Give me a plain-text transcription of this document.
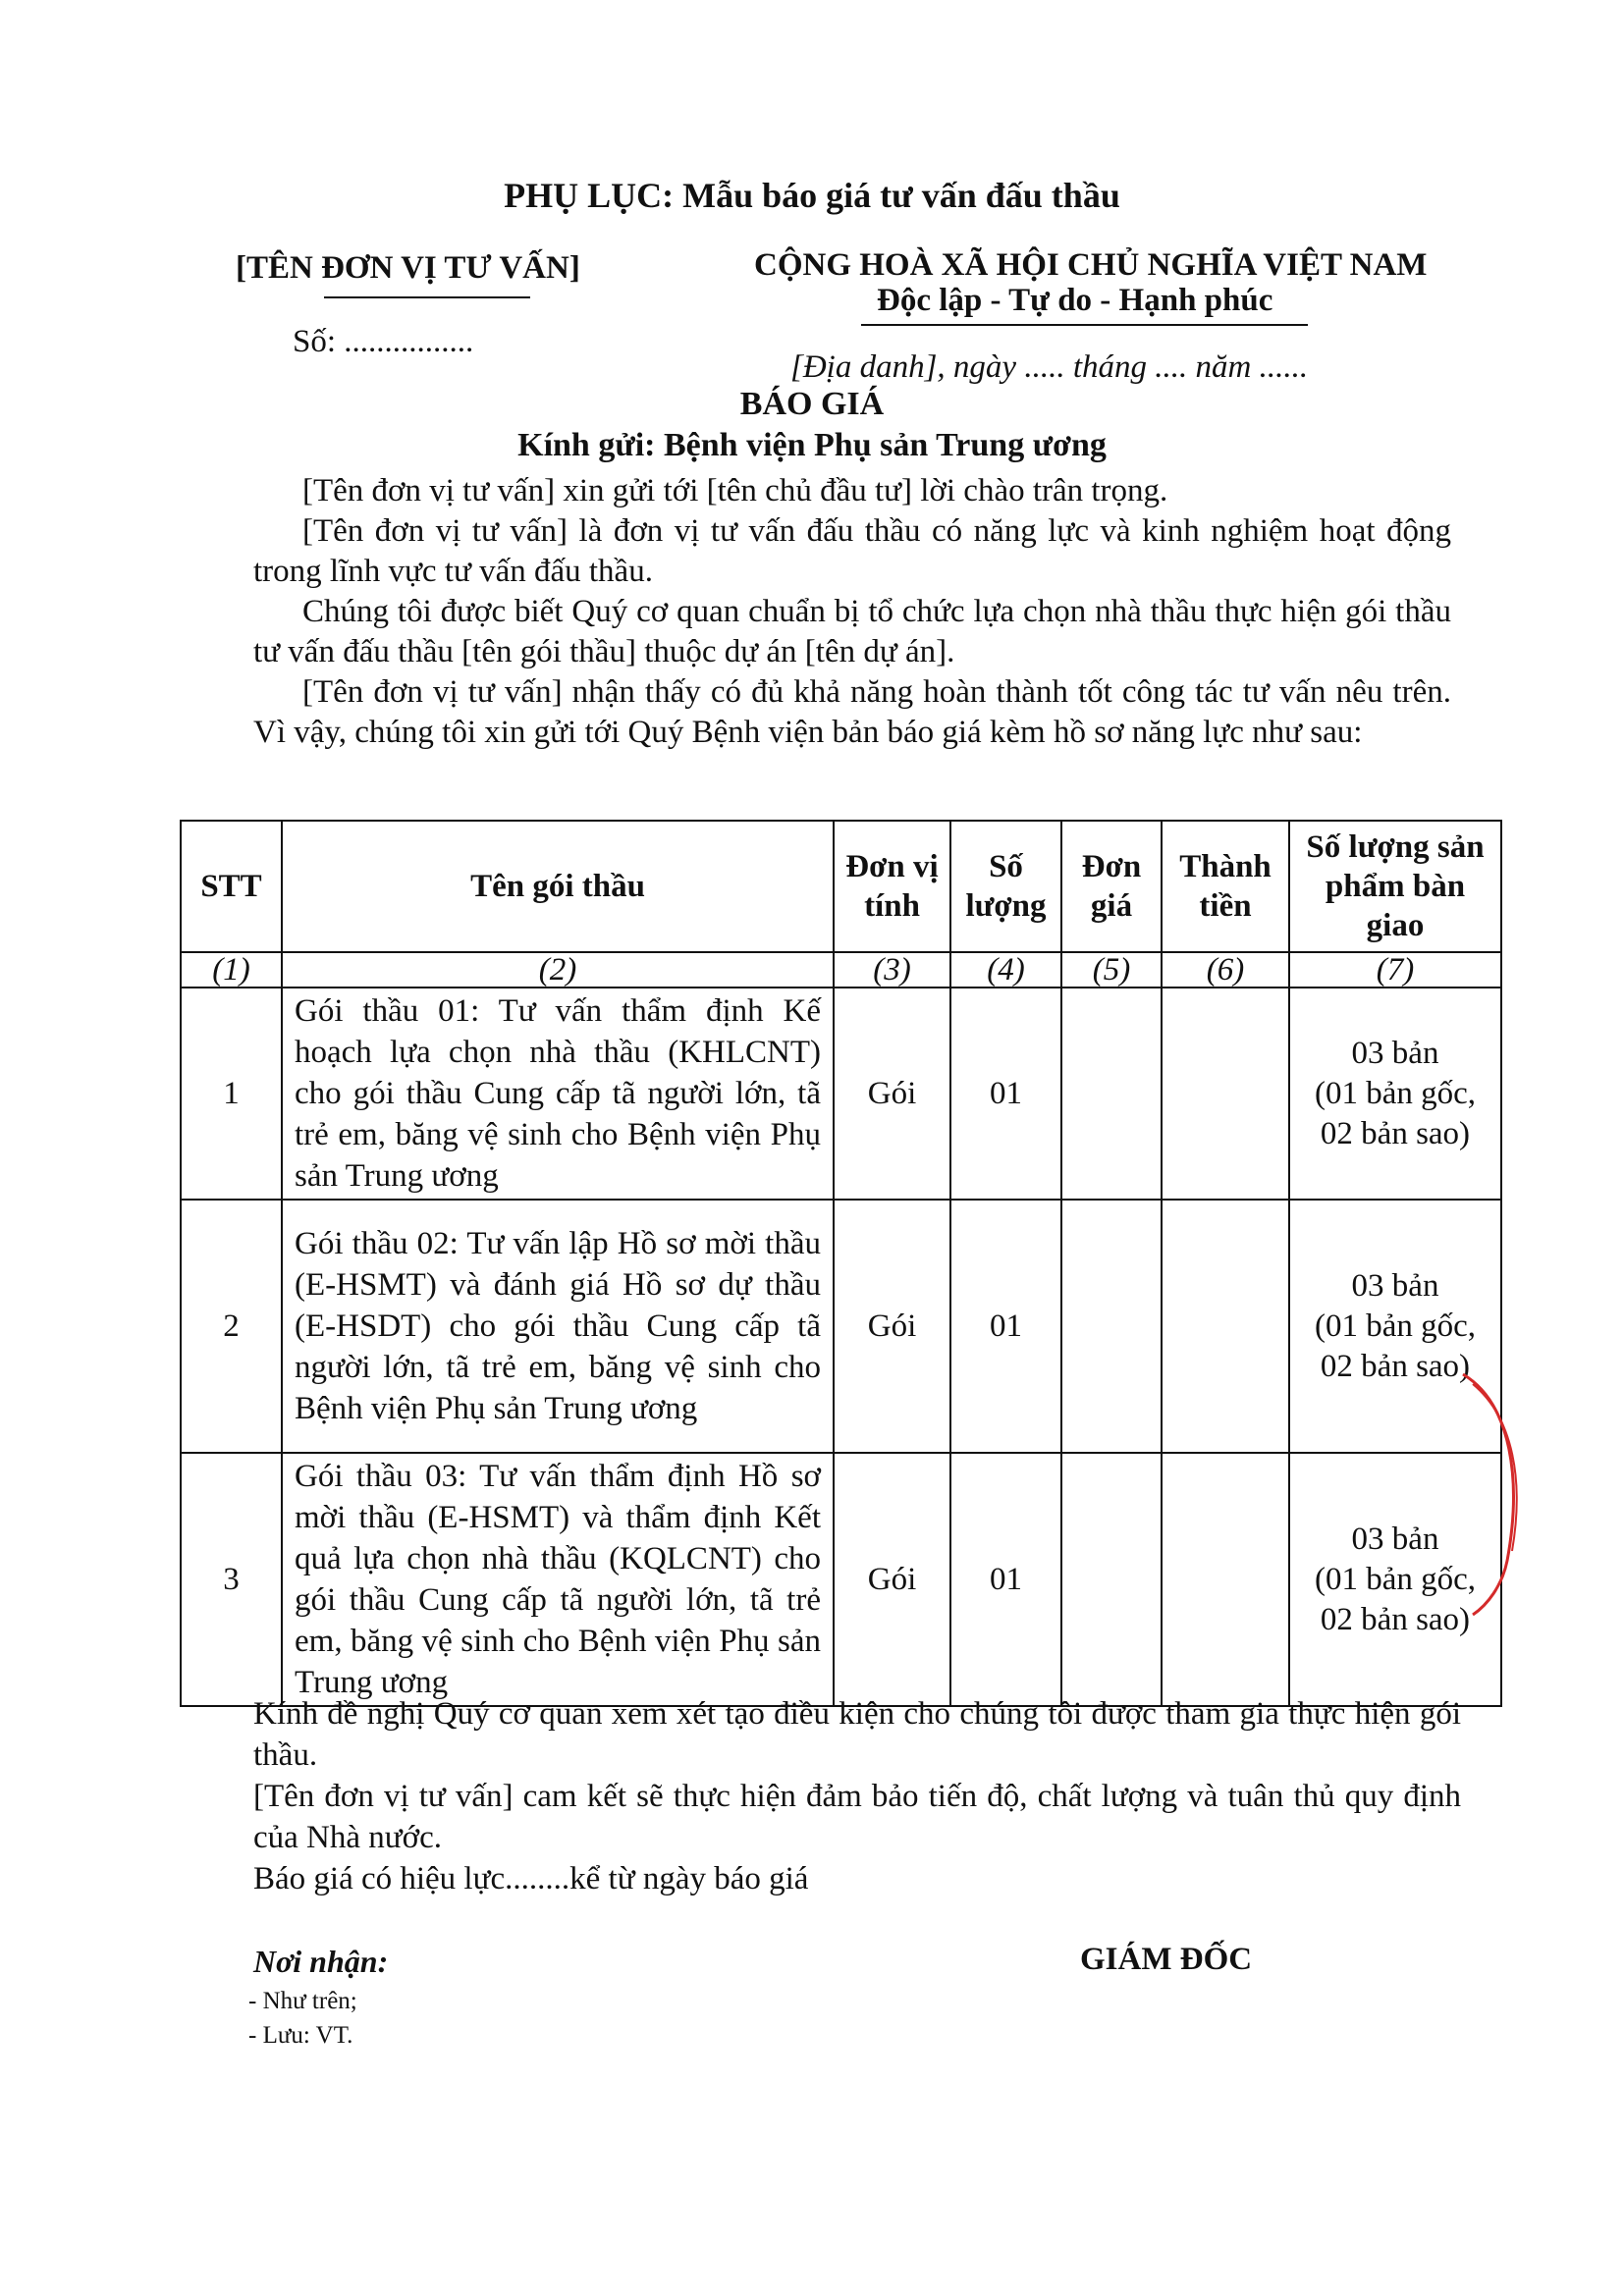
PHỤ LỤC: Mẫu báo giá tư vấn đấu thầu
[TÊN ĐƠN VỊ TƯ VẤN]
Số: ................
CỘNG HOÀ XÃ HỘI CHỦ NGHĨA VIỆT NAM
Độc lập - Tự do - Hạnh phúc
[Địa danh], ngày ..... tháng .... năm ......
BÁO GIÁ
Kính gửi: Bệnh viện Phụ sản Trung ương
[Tên đơn vị tư vấn] xin gửi tới [tên chủ đầu tư] lời chào trân trọng.
[Tên đơn vị tư vấn] là đơn vị tư vấn đấu thầu có năng lực và kinh nghiệm hoạt động trong lĩnh vực tư vấn đấu thầu.
Chúng tôi được biết Quý cơ quan chuẩn bị tổ chức lựa chọn nhà thầu thực hiện gói thầu tư vấn đấu thầu [tên gói thầu] thuộc dự án [tên dự án].
[Tên đơn vị tư vấn] nhận thấy có đủ khả năng hoàn thành tốt công tác tư vấn nêu trên. Vì vậy, chúng tôi xin gửi tới Quý Bệnh viện bản báo giá kèm hồ sơ năng lực như sau:
STT	Tên gói thầu	Đơn vị tính	Số lượng	Đơn giá	Thành tiền	Số lượng sản phẩm bàn giao
(1)	(2)	(3)	(4)	(5)	(6)	(7)
1	Gói thầu 01: Tư vấn thẩm định Kế hoạch lựa chọn nhà thầu (KHLCNT) cho gói thầu Cung cấp tã người lớn, tã trẻ em, băng vệ sinh cho Bệnh viện Phụ sản Trung ương	Gói	01			03 bản
(01 bản gốc,
02 bản sao)

2	Gói thầu 02: Tư vấn lập Hồ sơ mời thầu (E-HSMT) và đánh giá Hồ sơ dự thầu (E-HSDT) cho gói thầu Cung cấp tã người lớn, tã trẻ em, băng vệ sinh cho Bệnh viện Phụ sản Trung ương	Gói	01			03 bản
(01 bản gốc,
02 bản sao)

3	Gói thầu 03: Tư vấn thẩm định Hồ sơ mời thầu (E-HSMT) và thẩm định Kết quả lựa chọn nhà thầu (KQLCNT) cho gói thầu Cung cấp tã người lớn, tã trẻ em, băng vệ sinh cho Bệnh viện Phụ sản Trung ương	Gói	01			03 bản
(01 bản gốc,
02 bản sao)
Kính đề nghị Quý cơ quan xem xét tạo điều kiện cho chúng tôi được tham gia thực hiện gói thầu.
[Tên đơn vị tư vấn] cam kết sẽ thực hiện đảm bảo tiến độ, chất lượng và tuân thủ quy định của Nhà nước.
Báo giá có hiệu lực........kể từ ngày báo giá
Nơi nhận:
- Như trên;
- Lưu: VT.
GIÁM ĐỐC
